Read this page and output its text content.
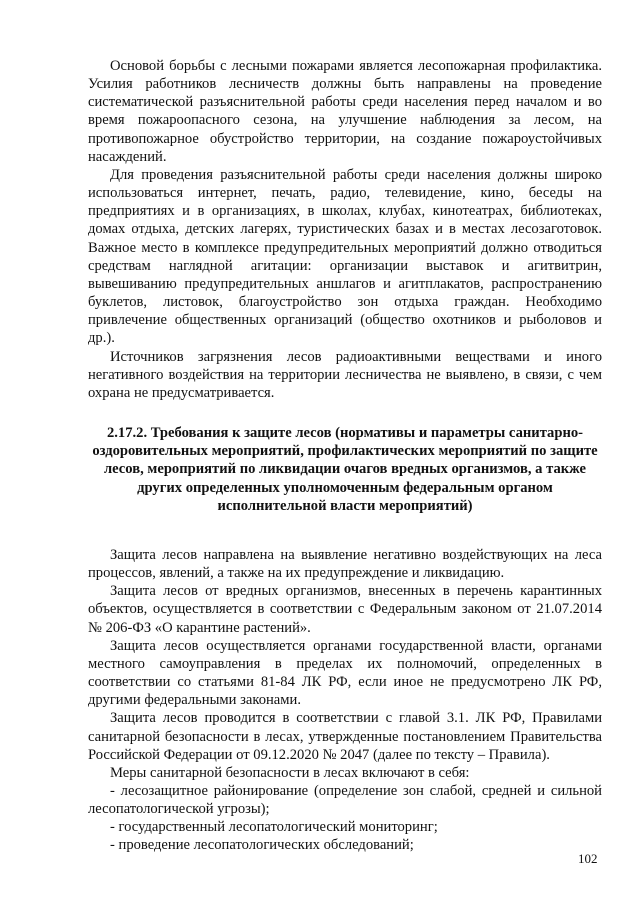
Основой борьбы с лесными пожарами является лесопожарная профилактика. Усилия работников лесничеств должны быть направлены на проведение систематической разъяснительной работы среди населения перед началом и во время пожароопасного сезона, на улучшение наблюдения за лесом, на противопожарное обустройство территории, на создание пожароустойчивых насаждений.

Для проведения разъяснительной работы среди населения должны широко использоваться интернет, печать, радио, телевидение, кино, беседы на предприятиях и в организациях, в школах, клубах, кинотеатрах, библиотеках, домах отдыха, детских лагерях, туристических базах и в местах лесозаготовок. Важное место в комплексе предупредительных мероприятий должно отводиться средствам наглядной агитации: организации выставок и агитвитрин, вывешиванию предупредительных аншлагов и агитплакатов, распространению буклетов, листовок, благоустройство зон отдыха граждан. Необходимо привлечение общественных организаций (общество охотников и рыболовов и др.).

Источников загрязнения лесов радиоактивными веществами и иного негативного воздействия на территории лесничества не выявлено, в связи, с чем охрана не предусматривается.

2.17.2. Требования к защите лесов (нормативы и параметры санитарно-оздоровительных мероприятий, профилактических мероприятий по защите лесов, мероприятий по ликвидации очагов вредных организмов, а также других определенных уполномоченным федеральным органом исполнительной власти мероприятий)

Защита лесов направлена на выявление негативно воздействующих на леса процессов, явлений, а также на их предупреждение и ликвидацию.

Защита лесов от вредных организмов, внесенных в перечень карантинных объектов, осуществляется в соответствии с Федеральным законом от 21.07.2014 № 206-ФЗ «О карантине растений».

Защита лесов осуществляется органами государственной власти, органами местного самоуправления в пределах их полномочий, определенных в соответствии со статьями 81-84 ЛК РФ, если иное не предусмотрено ЛК РФ, другими федеральными законами.

Защита лесов проводится в соответствии с главой 3.1. ЛК РФ, Правилами санитарной безопасности в лесах, утвержденные постановлением Правительства Российской Федерации от 09.12.2020 № 2047 (далее по тексту – Правила).

Меры санитарной безопасности в лесах включают в себя:

- лесозащитное районирование (определение зон слабой, средней и сильной лесопатологической угрозы);

- государственный лесопатологический мониторинг;

- проведение лесопатологических обследований;

102
